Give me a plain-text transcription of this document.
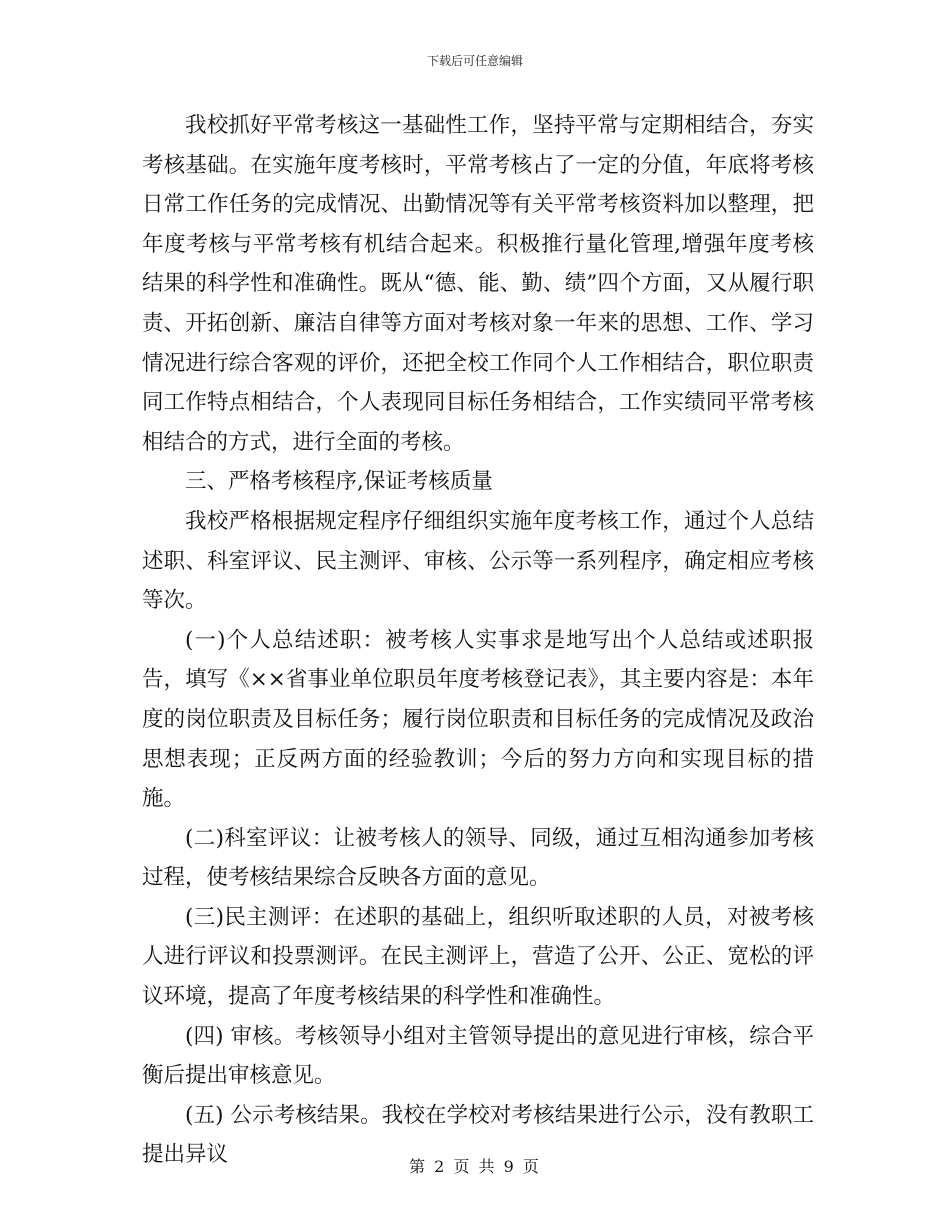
下载后可任意编辑

我校抓好平常考核这一基础性工作，坚持平常与定期相结合，夯实考核基础。在实施年度考核时，平常考核占了一定的分值，年底将考核日常工作任务的完成情况、出勤情况等有关平常考核资料加以整理，把年度考核与平常考核有机结合起来。积极推行量化管理,增强年度考核结果的科学性和准确性。既从“德、能、勤、绩”四个方面，又从履行职责、开拓创新、廉洁自律等方面对考核对象一年来的思想、工作、学习情况进行综合客观的评价，还把全校工作同个人工作相结合，职位职责同工作特点相结合，个人表现同目标任务相结合，工作实绩同平常考核相结合的方式，进行全面的考核。

三、严格考核程序,保证考核质量

我校严格根据规定程序仔细组织实施年度考核工作，通过个人总结述职、科室评议、民主测评、审核、公示等一系列程序，确定相应考核等次。

(一)个人总结述职：被考核人实事求是地写出个人总结或述职报告，填写《××省事业单位职员年度考核登记表》，其主要内容是：本年度的岗位职责及目标任务；履行岗位职责和目标任务的完成情况及政治思想表现；正反两方面的经验教训；今后的努力方向和实现目标的措施。

(二)科室评议：让被考核人的领导、同级，通过互相沟通参加考核过程，使考核结果综合反映各方面的意见。

(三)民主测评：在述职的基础上，组织听取述职的人员，对被考核人进行评议和投票测评。在民主测评上，营造了公开、公正、宽松的评议环境，提高了年度考核结果的科学性和准确性。

(四) 审核。考核领导小组对主管领导提出的意见进行审核，综合平衡后提出审核意见。

(五) 公示考核结果。我校在学校对考核结果进行公示，没有教职工提出异议	第 2 页 共 9 页
